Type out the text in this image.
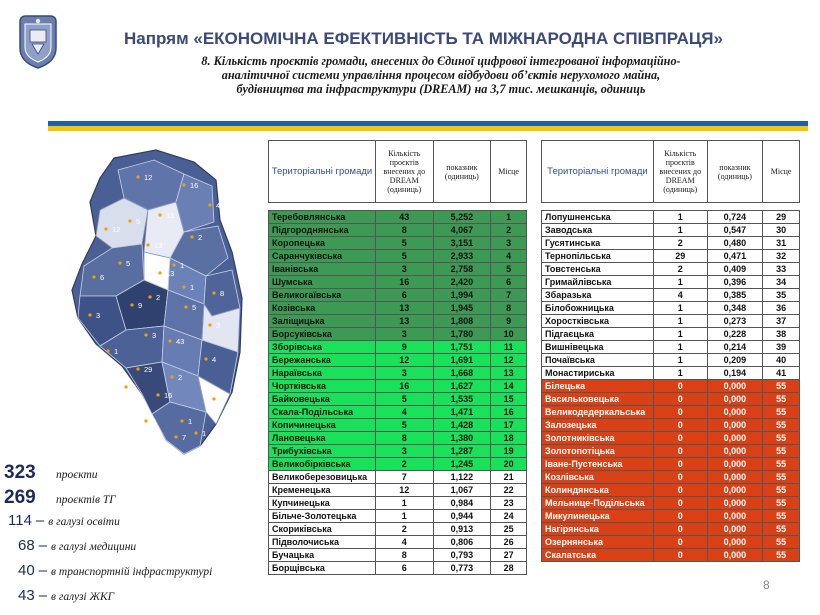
Напрям «ЕКОНОМІЧНА ЕФЕКТИВНІСТЬ ТА МІЖНАРОДНА СПІВПРАЦЯ»
8. Кількість проєктів громади, внесених до Єдиної цифрової інтегрованої інформаційно-
аналітичної системи управління процесом відбудови об’єктів нерухомого майна,
будівництва та інфраструктури (DREAM) на 3,7 тис. мешканців, одиниць
12
16
4
13
5
12
2
13
1
5
6
8
13
5
9
3
3
43
1
29
4
2
1
16
1
1
5
6
7
3
1
2
323	проєкти
269	проєктів ТГ
114 – в галузі освіти
68 – в галузі медицини
40 – в транспортній інфраструктурі
43 – в галузі ЖКГ
Територіальні громади	Кількість проєктів внесених до DREAM (одиниць)	показник (одиниць)	Місце

Теребовлянська	43	5,252	1
Підгороднянська	8	4,067	2
Коропецька	5	3,151	3
Саранчуківська	5	2,933	4
Іванівська	3	2,758	5
Шумська	16	2,420	6
Великогаївська	6	1,994	7
Козівська	13	1,945	8
Заліщицька	13	1,808	9
Борсуківська	3	1,780	10
Зборівська	9	1,751	11
Бережанська	12	1,691	12
Нараївська	3	1,668	13
Чортківська	16	1,627	14
Байковецька	5	1,535	15
Скала-Подільська	4	1,471	16
Копичинецька	5	1,428	17
Лановецька	8	1,380	18
Трибухівська	3	1,287	19
Великобірківська	2	1,245	20
Великоберезовицька	7	1,122	21
Кременецька	12	1,067	22
Купчинецька	1	0,984	23
Більче-Золотецька	1	0,944	24
Скориківська	2	0,913	25
Підволочиська	4	0,806	26
Бучацька	8	0,793	27
Борщівська	6	0,773	28
Територіальні громади	Кількість проєктів внесених до DREAM (одиниць)	показник (одиниць)	Місце

Лопушненська	1	0,724	29
Заводська	1	0,547	30
Гусятинська	2	0,480	31
Тернопільська	29	0,471	32
Товстенська	2	0,409	33
Гримайлівська	1	0,396	34
Збаразька	4	0,385	35
Білобожницька	1	0,348	36
Хоростківська	1	0,273	37
Підгаєцька	1	0,228	38
Вишнівецька	1	0,214	39
Почаївська	1	0,209	40
Монастириська	1	0,194	41
Білецька	0	0,000	55
Васильковецька	0	0,000	55
Великодедеркальська	0	0,000	55
Залозецька	0	0,000	55
Золотниківська	0	0,000	55
Золотопотіцька	0	0,000	55
Іване-Пустенська	0	0,000	55
Козлівська	0	0,000	55
Колиндянська	0	0,000	55
Мельнице-Подільська	0	0,000	55
Микулинецька	0	0,000	55
Нагірянська	0	0,000	55
Озернянська	0	0,000	55
Скалатська	0	0,000	55
8
